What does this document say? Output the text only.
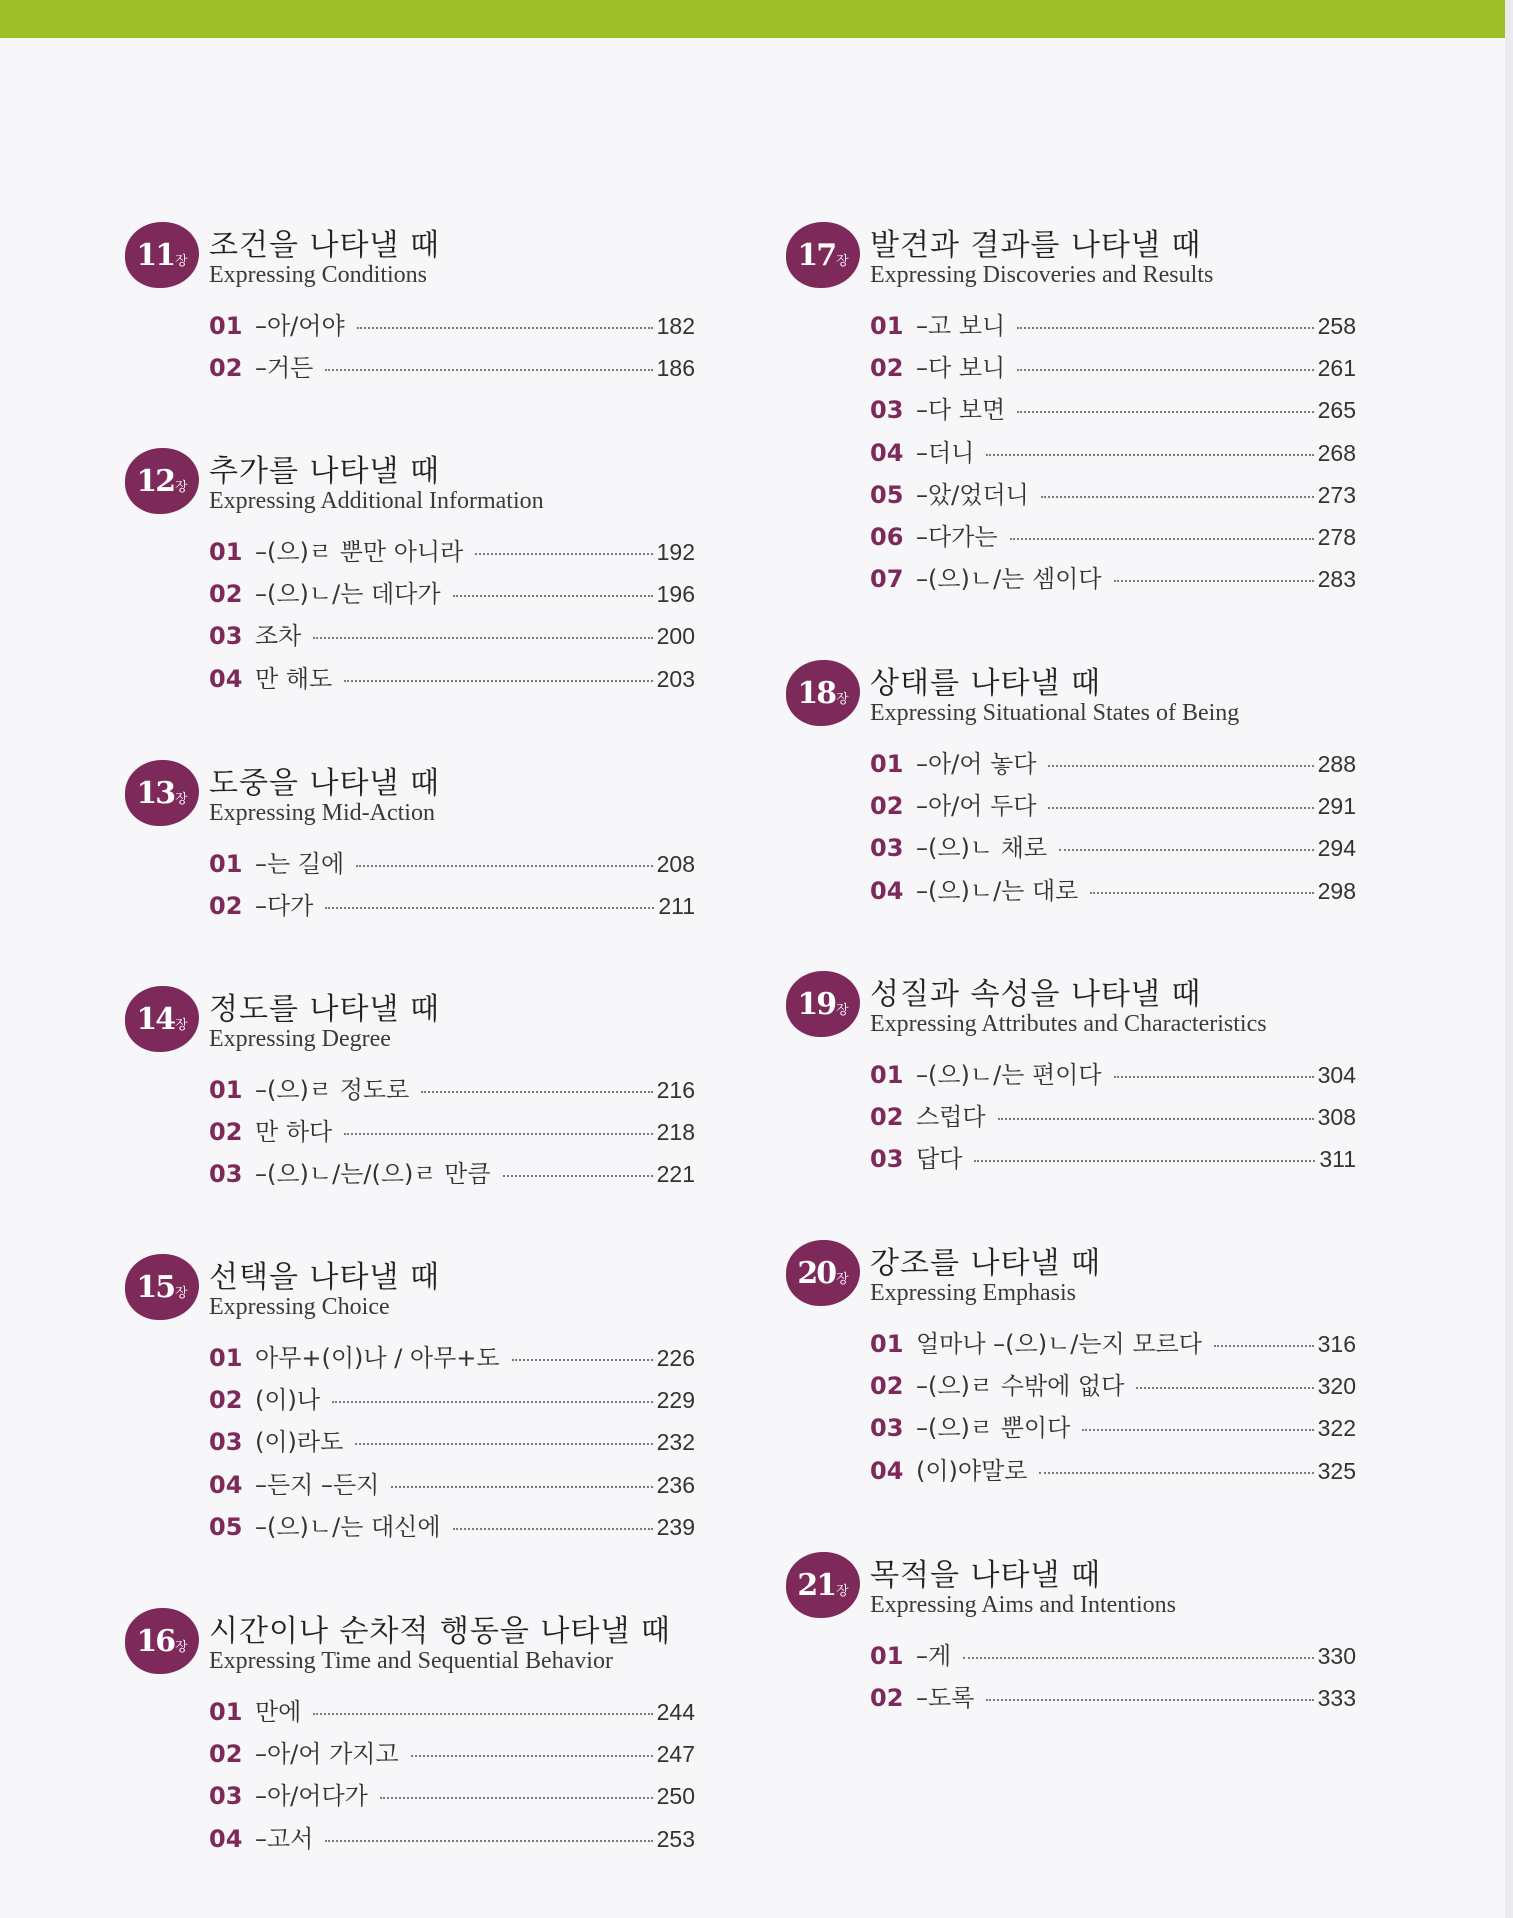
11 장 조건을 나타낼 때

Expressing Conditions

01 –아/어야	182
02 –거든	186
12 장 추가를 나타낼 때

Expressing Additional Information

01 –(으)ㄹ 뿐만 아니라	192
02 –(으)ㄴ/는 데다가	196
03 조차	200
04 만 해도	203
13 장 도중을 나타낼 때

Expressing Mid-Action

01 –는 길에	208
02 –다가	211
14 장 정도를 나타낼 때

Expressing Degree

01 –(으)ㄹ 정도로	216
02 만 하다	218
03 –(으)ㄴ/는/(으)ㄹ 만큼	221
15 장 선택을 나타낼 때

Expressing Choice

01 아무+(이)나 / 아무+도	226
02 (이)나	229
03 (이)라도	232
04 –든지 –든지	236
05 –(으)ㄴ/는 대신에	239
16 장 시간이나 순차적 행동을 나타낼 때

Expressing Time and Sequential Behavior

01 만에	244
02 –아/어 가지고	247
03 –아/어다가	250
04 –고서	253
17 장 발견과 결과를 나타낼 때

Expressing Discoveries and Results

01 –고 보니	258
02 –다 보니	261
03 –다 보면	265
04 –더니	268
05 –았/었더니	273
06 –다가는	278
07 –(으)ㄴ/는 셈이다	283
18 장 상태를 나타낼 때

Expressing Situational States of Being

01 –아/어 놓다	288
02 –아/어 두다	291
03 –(으)ㄴ 채로	294
04 –(으)ㄴ/는 대로	298
19 장 성질과 속성을 나타낼 때

Expressing Attributes and Characteristics

01 –(으)ㄴ/는 편이다	304
02 스럽다	308
03 답다	311
20 장 강조를 나타낼 때

Expressing Emphasis

01 얼마나 –(으)ㄴ/는지 모르다	316
02 –(으)ㄹ 수밖에 없다	320
03 –(으)ㄹ 뿐이다	322
04 (이)야말로	325
21 장 목적을 나타낼 때

Expressing Aims and Intentions

01 –게	330
02 –도록	333
